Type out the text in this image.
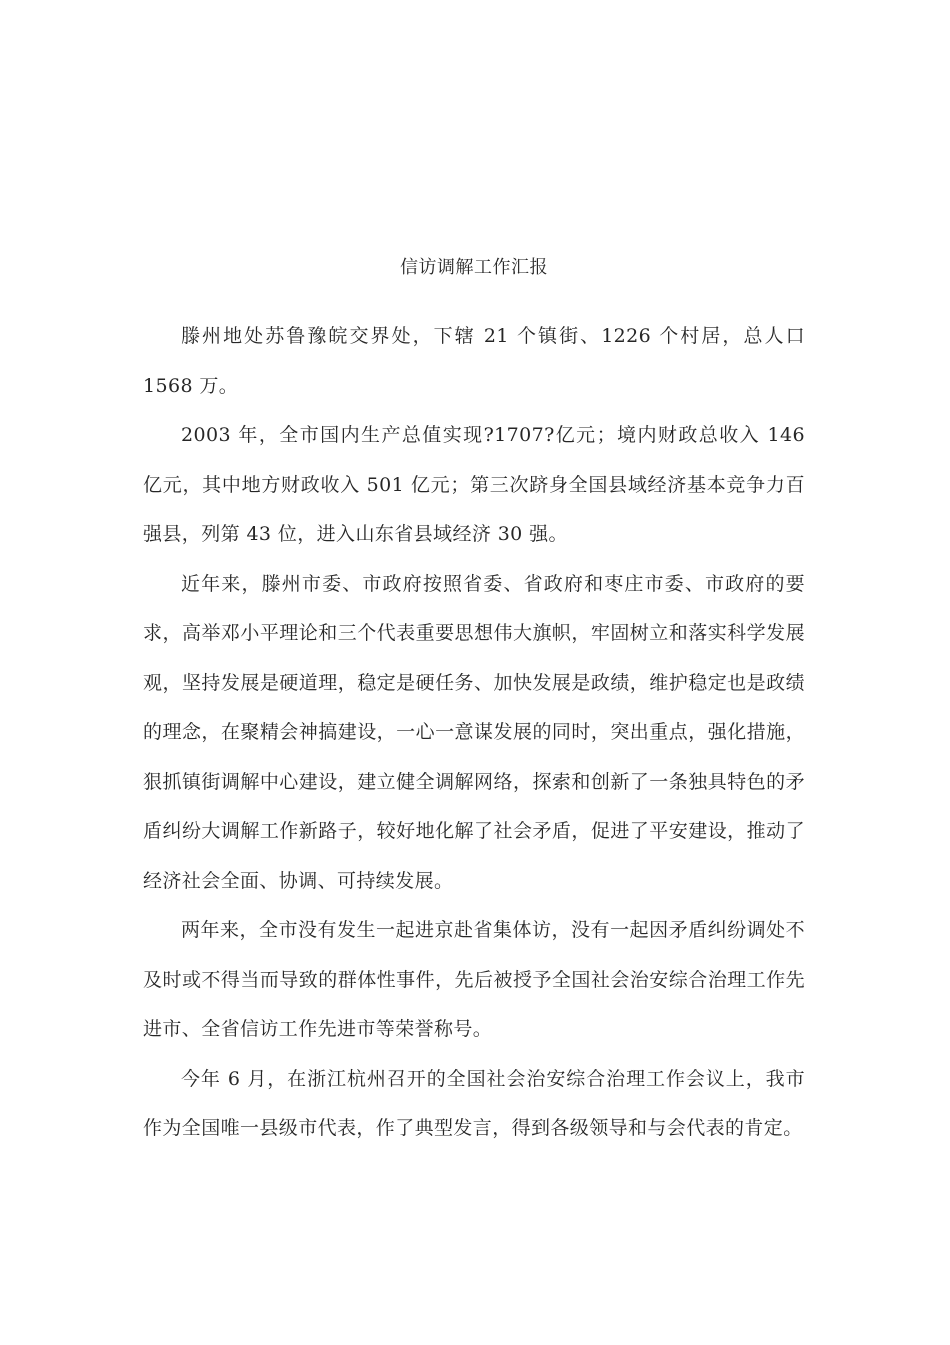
信访调解工作汇报

滕州地处苏鲁豫皖交界处，下辖 21 个镇街、1226 个村居，总人口 1568 万。

2003 年，全市国内生产总值实现?1707?亿元；境内财政总收入 146 亿元，其中地方财政收入 501 亿元；第三次跻身全国县域经济基本竞争力百强县，列第 43 位，进入山东省县域经济 30 强。

近年来，滕州市委、市政府按照省委、省政府和枣庄市委、市政府的要求，高举邓小平理论和三个代表重要思想伟大旗帜，牢固树立和落实科学发展观，坚持发展是硬道理，稳定是硬任务、加快发展是政绩，维护稳定也是政绩的理念，在聚精会神搞建设，一心一意谋发展的同时，突出重点，强化措施，狠抓镇街调解中心建设，建立健全调解网络，探索和创新了一条独具特色的矛盾纠纷大调解工作新路子，较好地化解了社会矛盾，促进了平安建设，推动了经济社会全面、协调、可持续发展。

两年来，全市没有发生一起进京赴省集体访，没有一起因矛盾纠纷调处不及时或不得当而导致的群体性事件，先后被授予全国社会治安综合治理工作先进市、全省信访工作先进市等荣誉称号。

今年 6 月，在浙江杭州召开的全国社会治安综合治理工作会议上，我市作为全国唯一县级市代表，作了典型发言，得到各级领导和与会代表的肯定。
